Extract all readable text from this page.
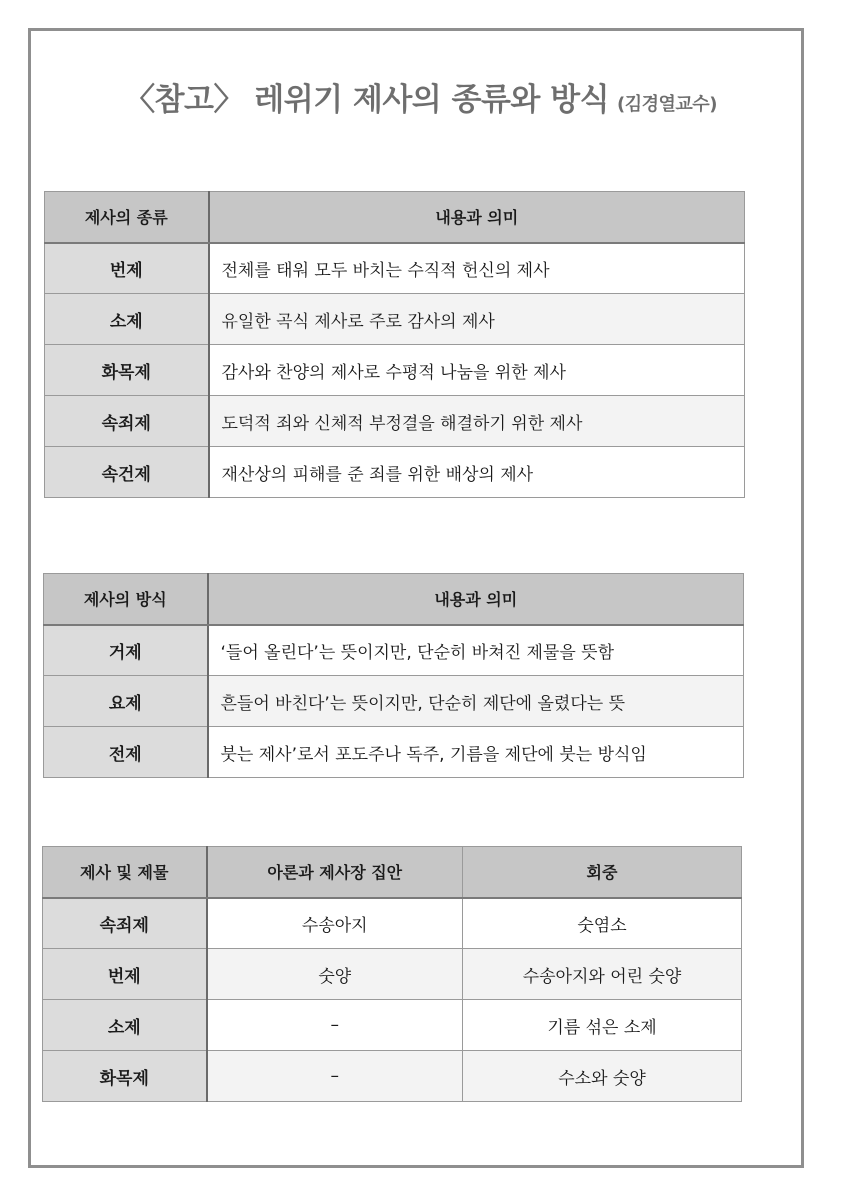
〈참고〉 레위기 제사의 종류와 방식 (김경열교수)
제사의 종류	내용과 의미
번제	전체를 태워 모두 바치는 수직적 헌신의 제사
소제	유일한 곡식 제사로 주로 감사의 제사
화목제	감사와 찬양의 제사로 수평적 나눔을 위한 제사
속죄제	도덕적 죄와 신체적 부정결을 해결하기 위한 제사
속건제	재산상의 피해를 준 죄를 위한 배상의 제사
제사의 방식	내용과 의미
거제	‘들어 올린다’는 뜻이지만, 단순히 바쳐진 제물을 뜻함
요제	흔들어 바친다’는 뜻이지만, 단순히 제단에 올렸다는 뜻
전제	붓는 제사’로서 포도주나 독주, 기름을 제단에 붓는 방식임
제사 및 제물	아론과 제사장 집안	회중
속죄제	수송아지	숫염소
번제	숫양	수송아지와 어린 숫양
소제	–	기름 섞은 소제
화목제	–	수소와 숫양
